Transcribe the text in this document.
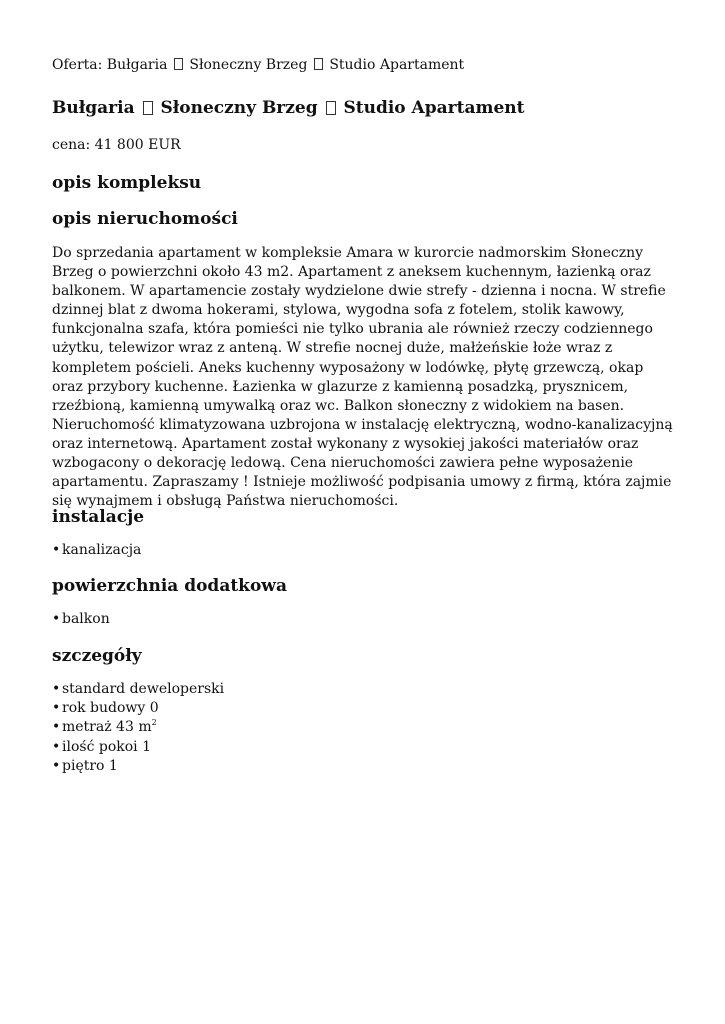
Oferta: Bułgaria  Słoneczny Brzeg  Studio Apartament
Bułgaria  Słoneczny Brzeg  Studio Apartament
cena: 41 800 EUR
opis kompleksu
opis nieruchomości

Do sprzedania apartament w kompleksie Amara w kurorcie nadmorskim Słoneczny Brzeg o powierzchni około 43 m2. Apartament z aneksem kuchennym, łazienką oraz balkonem. W apartamencie zostały wydzielone dwie strefy - dzienna i nocna. W strefie dzinnej blat z dwoma hokerami, stylowa, wygodna sofa z fotelem, stolik kawowy, funkcjonalna szafa, która pomieści nie tylko ubrania ale również rzeczy codziennego użytku, telewizor wraz z anteną. W strefie nocnej duże, małżeńskie łoże wraz z kompletem pościeli. Aneks kuchenny wyposażony w lodówkę, płytę grzewczą, okap oraz przybory kuchenne. Łazienka w glazurze z kamienną posadzką, prysznicem, rzeźbioną, kamienną umywalką oraz wc. Balkon słoneczny z widokiem na basen. Nieruchomość klimatyzowana uzbrojona w instalację elektryczną, wodno-kanalizacyjną oraz internetową. Apartament został wykonany z wysokiej jakości materiałów oraz wzbogacony o dekorację ledową. Cena nieruchomości zawiera pełne wyposażenie apartamentu. Zapraszamy ! Istnieje możliwość podpisania umowy z firmą, która zajmie się wynajmem i obsługą Państwa nieruchomości.

instalacje
• kanalizacja
powierzchnia dodatkowa
• balkon
szczegóły
• standard deweloperski
• rok budowy 0
• metraż 43 $m^2$
• ilość pokoi 1
• piętro 1
